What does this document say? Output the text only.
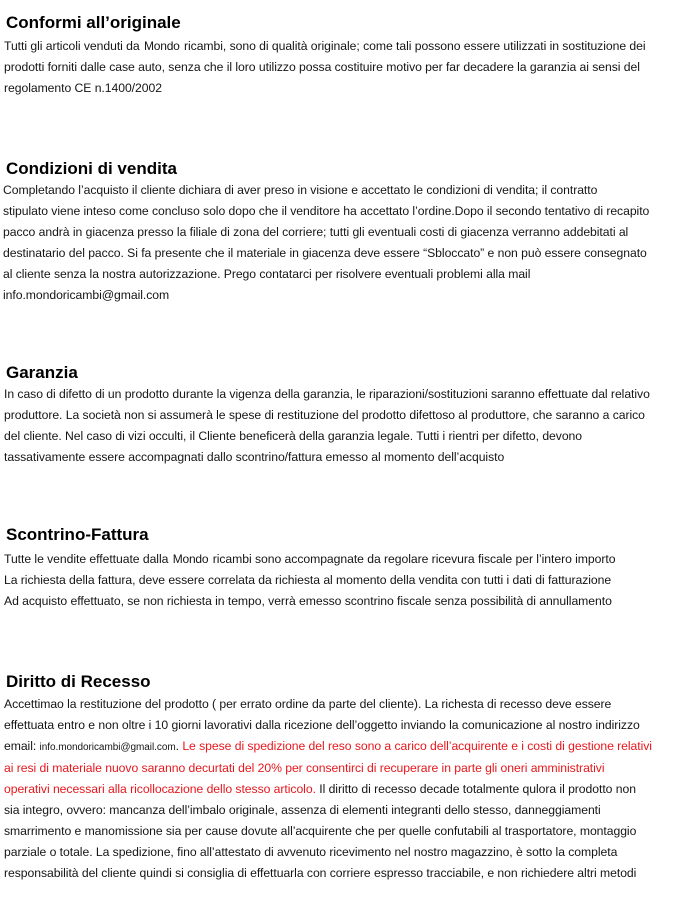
Conformi all’originale
Tutti gli articoli venduti da Mondo ricambi, sono di qualità originale; come tali possono essere utilizzati in sostituzione dei
prodotti forniti dalle case auto, senza che il loro utilizzo possa costituire motivo per far decadere la garanzia ai sensi del
regolamento CE n.1400/2002
Condizioni di vendita
Completando l’acquisto il cliente dichiara di aver preso in visione e accettato le condizioni di vendita; il contratto
stipulato viene inteso come concluso solo dopo che il venditore ha accettato l’ordine.Dopo il secondo tentativo di recapito
pacco andrà in giacenza presso la filiale di zona del corriere; tutti gli eventuali costi di giacenza verranno addebitati al
destinatario del pacco. Si fa presente che il materiale in giacenza deve essere “Sbloccato” e non può essere consegnato
al cliente senza la nostra autorizzazione. Prego contatarci per risolvere eventuali problemi alla mail
info.mondoricambi@gmail.com
Garanzia
In caso di difetto di un prodotto durante la vigenza della garanzia, le riparazioni/sostituzioni saranno effettuate dal relativo
produttore. La società non si assumerà le spese di restituzione del prodotto difettoso al produttore, che saranno a carico
del cliente. Nel caso di vizi occulti, il Cliente beneficerà della garanzia legale. Tutti i rientri per difetto, devono
tassativamente essere accompagnati dallo scontrino/fattura emesso al momento dell’acquisto
Scontrino-Fattura
Tutte le vendite effettuate dalla Mondo ricambi sono accompagnate da regolare ricevura fiscale per l’intero importo
La richiesta della fattura, deve essere correlata da richiesta al momento della vendita con tutti i dati di fatturazione
Ad acquisto effettuato, se non richiesta in tempo, verrà emesso scontrino fiscale senza possibilità di annullamento
Diritto di Recesso
Accettimao la restituzione del prodotto ( per errato ordine da parte del cliente). La richesta di recesso deve essere
effettuata entro e non oltre i 10 giorni lavorativi dalla ricezione dell’oggetto inviando la comunicazione al nostro indirizzo
email: info.mondoricambi@gmail.com. Le spese di spedizione del reso sono a carico dell’acquirente e i costi di gestione relativi
ai resi di materiale nuovo saranno decurtati del 20% per consentirci di recuperare in parte gli oneri amministrativi
operativi necessari alla ricollocazione dello stesso articolo. Il diritto di recesso decade totalmente qulora il prodotto non
sia integro, ovvero: mancanza dell’imbalo originale, assenza di elementi integranti dello stesso, danneggiamenti
smarrimento e manomissione sia per cause dovute all’acquirente che per quelle confutabili al trasportatore, montaggio
parziale o totale. La spedizione, fino all’attestato di avvenuto ricevimento nel nostro magazzino, è sotto la completa
responsabilità del cliente quindi si consiglia di effettuarla con corriere espresso tracciabile, e non richiedere altri metodi
